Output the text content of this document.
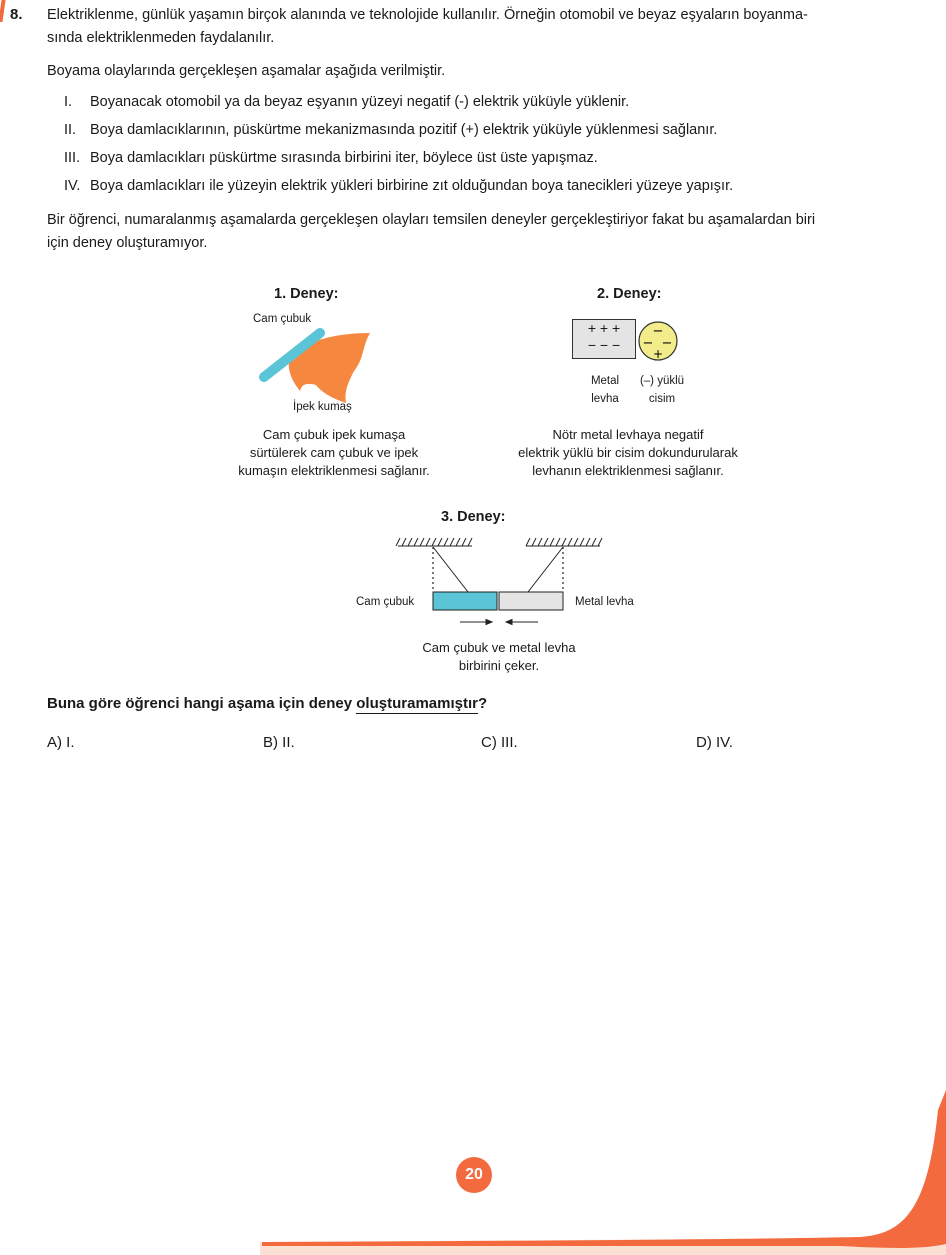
8. Elektriklenme, günlük yaşamın birçok alanında ve teknolojide kullanılır. Örneğin otomobil ve beyaz eşyaların boyanma-
sında elektriklenmeden faydalanılır.
Boyama olaylarında gerçekleşen aşamalar aşağıda verilmiştir.
I. Boyanacak otomobil ya da beyaz eşyanın yüzeyi negatif (-) elektrik yüküyle yüklenir.
II. Boya damlacıklarının, püskürtme mekanizmasında pozitif (+) elektrik yüküyle yüklenmesi sağlanır.
III. Boya damlacıkları püskürtme sırasında birbirini iter, böylece üst üste yapışmaz.
IV. Boya damlacıkları ile yüzeyin elektrik yükleri birbirine zıt olduğundan boya tanecikleri yüzeye yapışır.
Bir öğrenci, numaralanmış aşamalarda gerçekleşen olayları temsilen deneyler gerçekleştiriyor fakat bu aşamalardan biri
için deney oluşturamıyor.
1. Deney:
Cam çubuk
İpek kumaş
Cam çubuk ipek kumaşa
sürtülerek cam çubuk ve ipek
kumaşın elektriklenmesi sağlanır.
2. Deney:
+ + +
− − −
−
− −
+
Metal
levha
(–) yüklü
cisim
Nötr metal levhaya negatif
elektrik yüklü bir cisim dokundurularak
levhanın elektriklenmesi sağlanır.
3. Deney:
Cam çubuk	Metal levha
Cam çubuk ve metal levha
birbirini çeker.
Buna göre öğrenci hangi aşama için deney oluşturamamıştır?
A) I.	B) II.	C) III.	D) IV.
20
